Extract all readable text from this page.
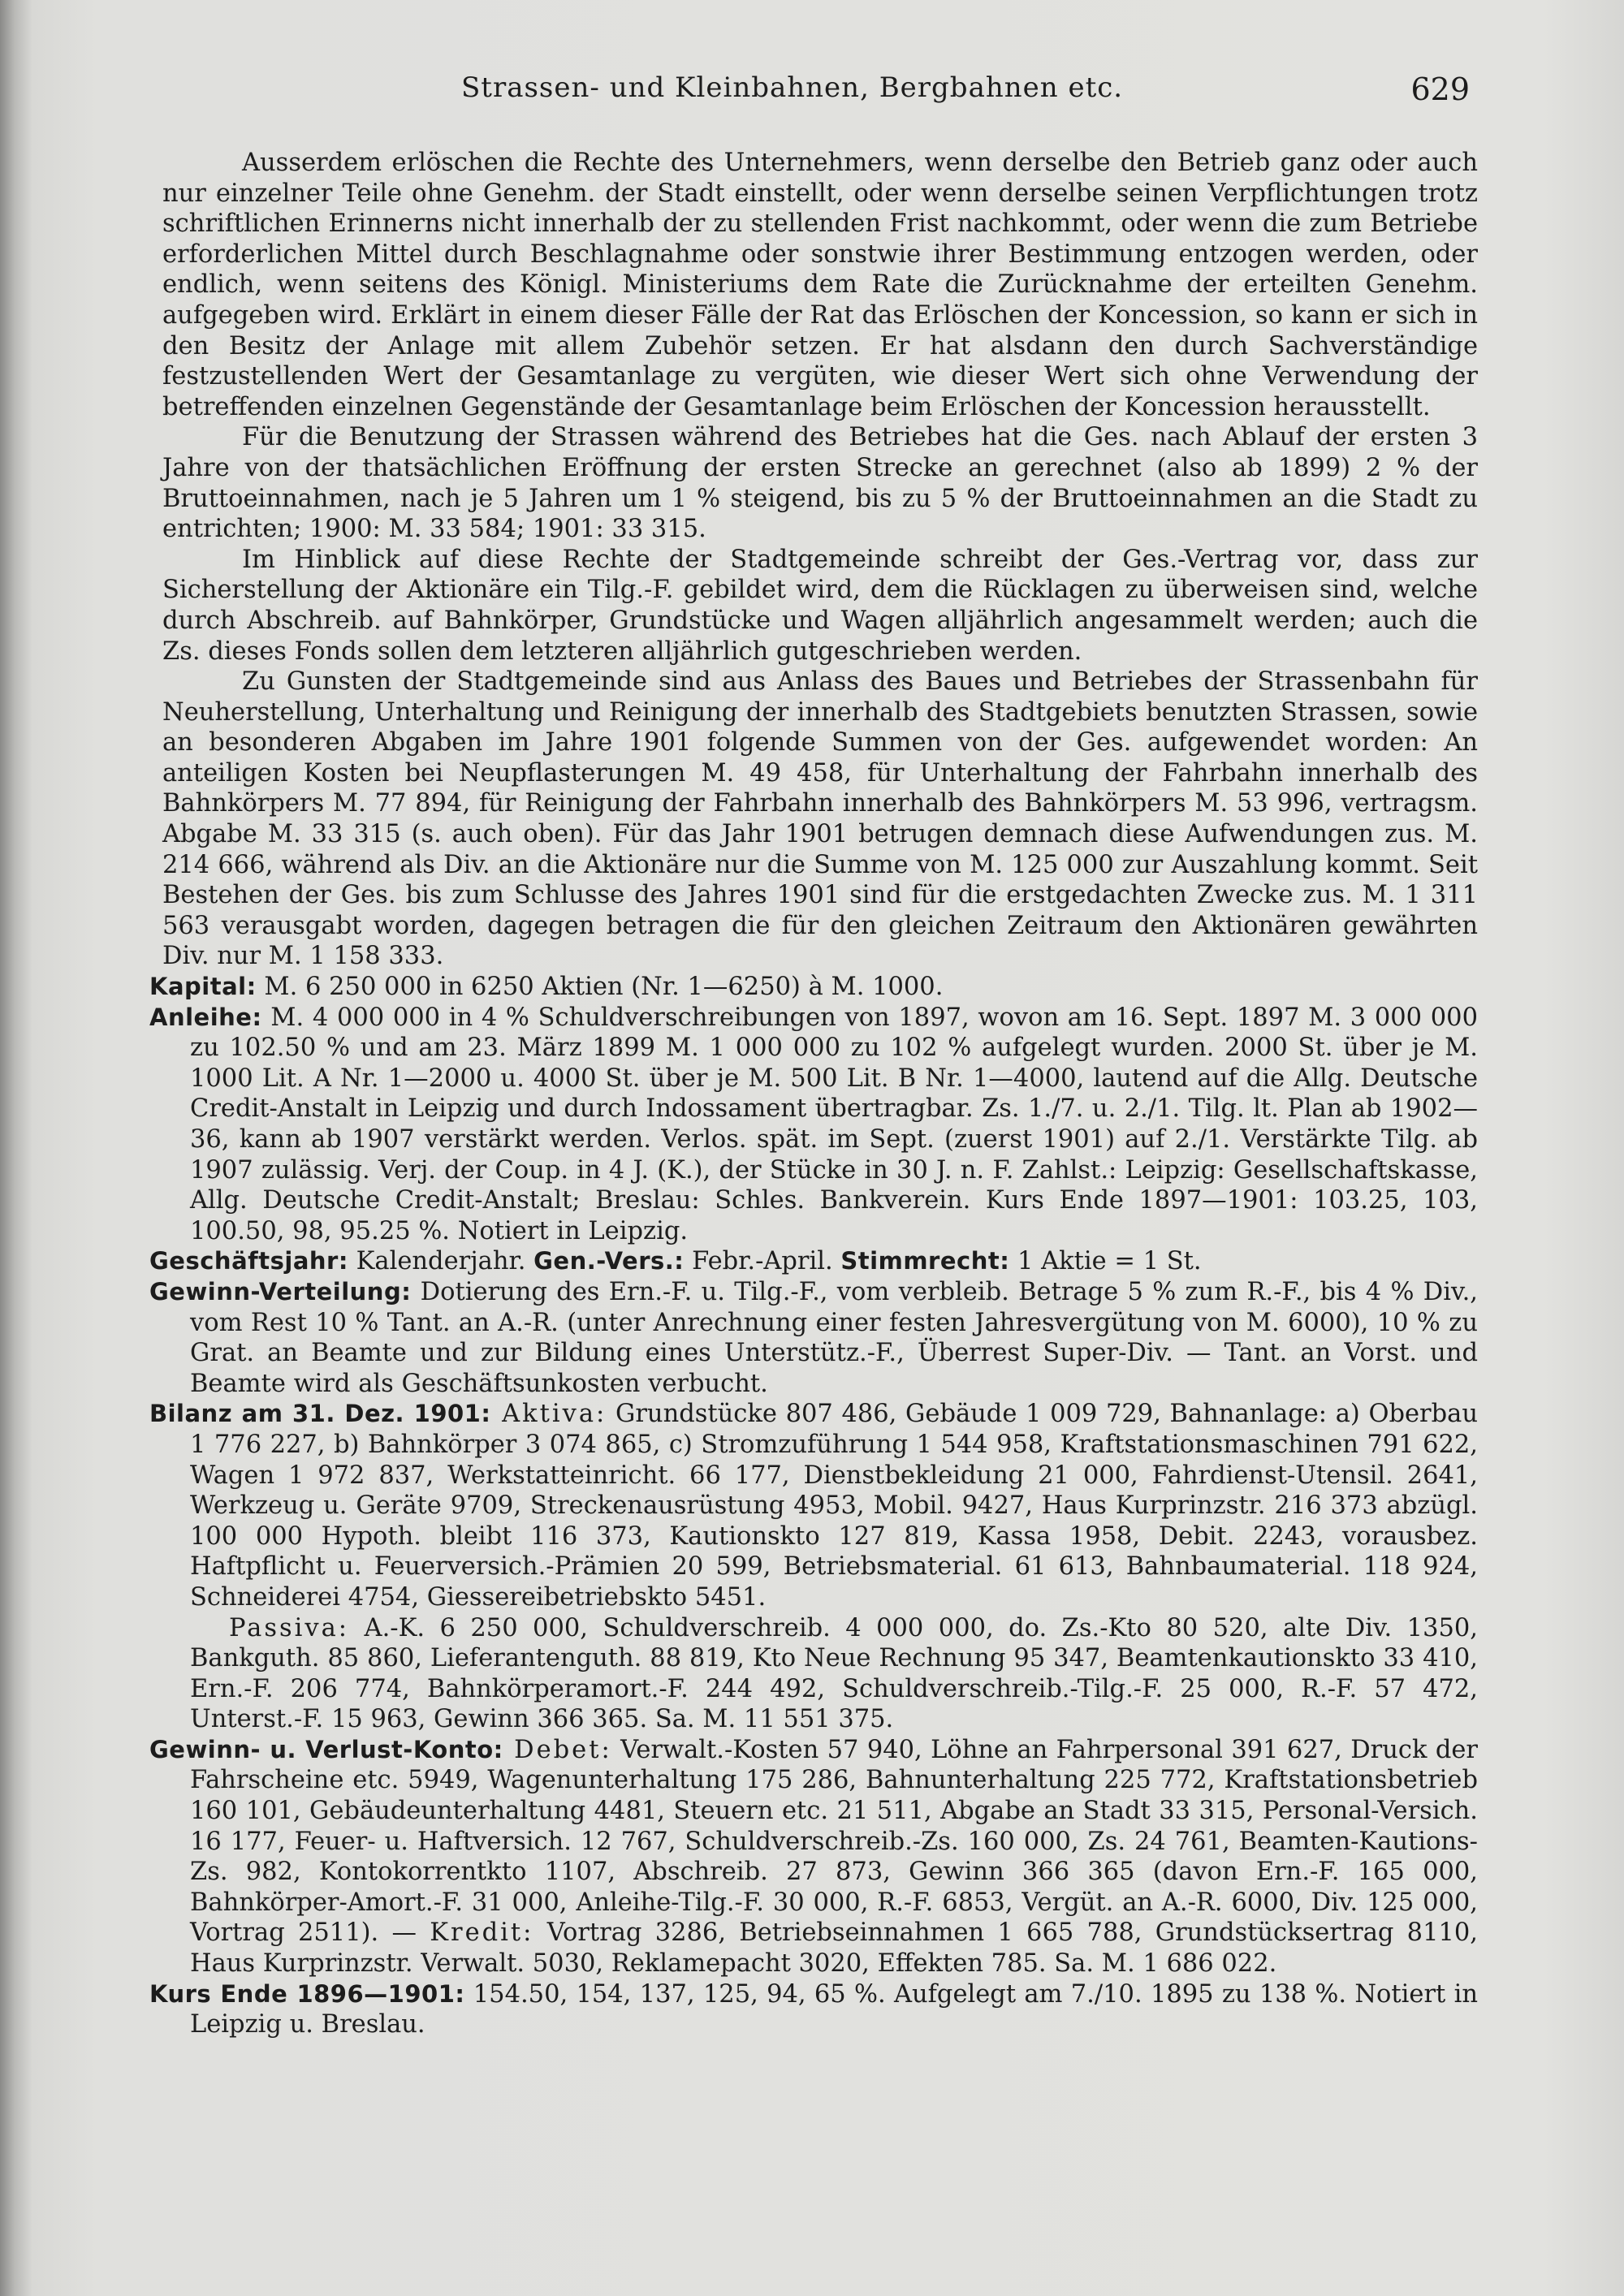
Strassen- und Kleinbahnen, Bergbahnen etc.	629

Ausserdem erlöschen die Rechte des Unternehmers, wenn derselbe den Betrieb ganz oder auch nur einzelner Teile ohne Genehm. der Stadt einstellt, oder wenn derselbe seinen Verpflichtungen trotz schriftlichen Erinnerns nicht innerhalb der zu stellenden Frist nachkommt, oder wenn die zum Betriebe erforderlichen Mittel durch Beschlagnahme oder sonstwie ihrer Bestimmung entzogen werden, oder endlich, wenn seitens des Königl. Ministeriums dem Rate die Zurücknahme der erteilten Genehm. aufgegeben wird. Erklärt in einem dieser Fälle der Rat das Erlöschen der Koncession, so kann er sich in den Besitz der Anlage mit allem Zubehör setzen. Er hat alsdann den durch Sachverständige festzustellenden Wert der Gesamtanlage zu vergüten, wie dieser Wert sich ohne Verwendung der betreffenden einzelnen Gegenstände der Gesamtanlage beim Erlöschen der Koncession herausstellt.

Für die Benutzung der Strassen während des Betriebes hat die Ges. nach Ablauf der ersten 3 Jahre von der thatsächlichen Eröffnung der ersten Strecke an gerechnet (also ab 1899) 2 % der Bruttoeinnahmen, nach je 5 Jahren um 1 % steigend, bis zu 5 % der Bruttoeinnahmen an die Stadt zu entrichten; 1900: M. 33 584; 1901: 33 315.

Im Hinblick auf diese Rechte der Stadtgemeinde schreibt der Ges.-Vertrag vor, dass zur Sicherstellung der Aktionäre ein Tilg.-F. gebildet wird, dem die Rücklagen zu überweisen sind, welche durch Abschreib. auf Bahnkörper, Grundstücke und Wagen alljährlich angesammelt werden; auch die Zs. dieses Fonds sollen dem letzteren alljährlich gutgeschrieben werden.

Zu Gunsten der Stadtgemeinde sind aus Anlass des Baues und Betriebes der Strassenbahn für Neuherstellung, Unterhaltung und Reinigung der innerhalb des Stadtgebiets benutzten Strassen, sowie an besonderen Abgaben im Jahre 1901 folgende Summen von der Ges. aufgewendet worden: An anteiligen Kosten bei Neupflasterungen M. 49 458, für Unterhaltung der Fahrbahn innerhalb des Bahnkörpers M. 77 894, für Reinigung der Fahrbahn innerhalb des Bahnkörpers M. 53 996, vertragsm. Abgabe M. 33 315 (s. auch oben). Für das Jahr 1901 betrugen demnach diese Aufwendungen zus. M. 214 666, während als Div. an die Aktionäre nur die Summe von M. 125 000 zur Auszahlung kommt. Seit Bestehen der Ges. bis zum Schlusse des Jahres 1901 sind für die erstgedachten Zwecke zus. M. 1 311 563 verausgabt worden, dagegen betragen die für den gleichen Zeitraum den Aktionären gewährten Div. nur M. 1 158 333.

Kapital: M. 6 250 000 in 6250 Aktien (Nr. 1—6250) à M. 1000.

Anleihe: M. 4 000 000 in 4 % Schuldverschreibungen von 1897, wovon am 16. Sept. 1897 M. 3 000 000 zu 102.50 % und am 23. März 1899 M. 1 000 000 zu 102 % aufgelegt wurden. 2000 St. über je M. 1000 Lit. A Nr. 1—2000 u. 4000 St. über je M. 500 Lit. B Nr. 1—4000, lautend auf die Allg. Deutsche Credit-Anstalt in Leipzig und durch Indossament übertragbar. Zs. 1./7. u. 2./1. Tilg. lt. Plan ab 1902—36, kann ab 1907 verstärkt werden. Verlos. spät. im Sept. (zuerst 1901) auf 2./1. Verstärkte Tilg. ab 1907 zulässig. Verj. der Coup. in 4 J. (K.), der Stücke in 30 J. n. F. Zahlst.: Leipzig: Gesellschaftskasse, Allg. Deutsche Credit-Anstalt; Breslau: Schles. Bankverein. Kurs Ende 1897—1901: 103.25, 103, 100.50, 98, 95.25 %. Notiert in Leipzig.

Geschäftsjahr: Kalenderjahr. Gen.-Vers.: Febr.-April. Stimmrecht: 1 Aktie = 1 St.

Gewinn-Verteilung: Dotierung des Ern.-F. u. Tilg.-F., vom verbleib. Betrage 5 % zum R.-F., bis 4 % Div., vom Rest 10 % Tant. an A.-R. (unter Anrechnung einer festen Jahresvergütung von M. 6000), 10 % zu Grat. an Beamte und zur Bildung eines Unterstütz.-F., Überrest Super-Div. — Tant. an Vorst. und Beamte wird als Geschäftsunkosten verbucht.

Bilanz am 31. Dez. 1901: Aktiva: Grundstücke 807 486, Gebäude 1 009 729, Bahnanlage: a) Oberbau 1 776 227, b) Bahnkörper 3 074 865, c) Stromzuführung 1 544 958, Kraftstationsmaschinen 791 622, Wagen 1 972 837, Werkstatteinricht. 66 177, Dienstbekleidung 21 000, Fahrdienst-Utensil. 2641, Werkzeug u. Geräte 9709, Streckenausrüstung 4953, Mobil. 9427, Haus Kurprinzstr. 216 373 abzügl. 100 000 Hypoth. bleibt 116 373, Kautionskto 127 819, Kassa 1958, Debit. 2243, vorausbez. Haftpflicht u. Feuerversich.-Prämien 20 599, Betriebsmaterial. 61 613, Bahnbaumaterial. 118 924, Schneiderei 4754, Giessereibetriebskto 5451.

Passiva: A.-K. 6 250 000, Schuldverschreib. 4 000 000, do. Zs.-Kto 80 520, alte Div. 1350, Bankguth. 85 860, Lieferantenguth. 88 819, Kto Neue Rechnung 95 347, Beamtenkautionskto 33 410, Ern.-F. 206 774, Bahnkörperamort.-F. 244 492, Schuldverschreib.-Tilg.-F. 25 000, R.-F. 57 472, Unterst.-F. 15 963, Gewinn 366 365. Sa. M. 11 551 375.

Gewinn- u. Verlust-Konto: Debet: Verwalt.-Kosten 57 940, Löhne an Fahrpersonal 391 627, Druck der Fahrscheine etc. 5949, Wagenunterhaltung 175 286, Bahnunterhaltung 225 772, Kraftstationsbetrieb 160 101, Gebäudeunterhaltung 4481, Steuern etc. 21 511, Abgabe an Stadt 33 315, Personal-Versich. 16 177, Feuer- u. Haftversich. 12 767, Schuldverschreib.-Zs. 160 000, Zs. 24 761, Beamten-Kautions-Zs. 982, Kontokorrentkto 1107, Abschreib. 27 873, Gewinn 366 365 (davon Ern.-F. 165 000, Bahnkörper-Amort.-F. 31 000, Anleihe-Tilg.-F. 30 000, R.-F. 6853, Vergüt. an A.-R. 6000, Div. 125 000, Vortrag 2511). — Kredit: Vortrag 3286, Betriebseinnahmen 1 665 788, Grundstücksertrag 8110, Haus Kurprinzstr. Verwalt. 5030, Reklamepacht 3020, Effekten 785. Sa. M. 1 686 022.

Kurs Ende 1896—1901: 154.50, 154, 137, 125, 94, 65 %. Aufgelegt am 7./10. 1895 zu 138 %. Notiert in Leipzig u. Breslau.
